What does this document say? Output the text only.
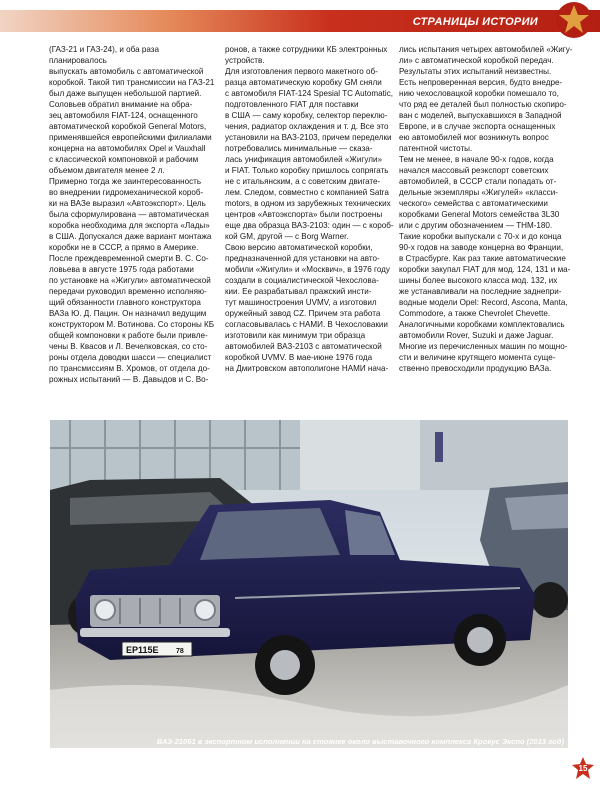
СТРАНИЦЫ ИСТОРИИ
(ГАЗ-21 и ГАЗ-24), и оба раза планировалось
выпускать автомобиль с автоматической
коробкой. Такой тип трансмиссии на ГАЗ-21
был даже выпущен небольшой партией.
Соловьев обратил внимание на обра-
зец автомобиля FIAT-124, оснащенного
автоматической коробкой General Motors,
применявшейся европейскими филиалами
концерна на автомобилях Opel и Vauxhall
с классической компоновкой и рабочим
объемом двигателя менее 2 л.
Примерно тогда же заинтересованность
во внедрении гидромеханической короб-
ки на ВАЗе выразил «Автоэкспорт». Цель
была сформулирована — автоматическая
коробка необходима для экспорта «Лады»
в США. Допускался даже вариант монтажа
коробки не в СССР, а прямо в Америке.
После преждевременной смерти В. С. Со-
ловьева в августе 1975 года работами
по установке на «Жигули» автоматической
передачи руководил временно исполняю-
щий обязанности главного конструктора
ВАЗа Ю. Д. Пацин. Он назначил ведущим
конструктором М. Вотинова. Со стороны КБ
общей компоновки к работе были привле-
чены В. Квасов и Л. Вечелковская, со сто-
роны отдела доводки шасси — специалист
по трансмиссиям В. Хромов, от отдела до-
рожных испытаний — В. Давыдов и С. Во-
ронов, а также сотрудники КБ электронных
устройств.
Для изготовления первого макетного об-
разца автоматическую коробку GM сняли
с автомобиля FIAT-124 Spesial TC Automatic,
подготовленного FIAT для поставки
в США — саму коробку, селектор переклю-
чения, радиатор охлаждения и т. д. Все это
установили на ВАЗ-2103, причем переделки
потребовались минимальные — сказа-
лась унификация автомобилей «Жигули»
и FIAT. Только коробку пришлось сопрягать
не с итальянским, а с советским двигате-
лем. Следом, совместно с компанией Satra
motors, в одном из зарубежных технических
центров «Автоэкспорта» были построены
еще два образца ВАЗ-2103: один — с короб-
кой GM, другой — с Borg Warner.
Свою версию автоматической коробки,
предназначенной для установки на авто-
мобили «Жигули» и «Москвич», в 1976 году
создали в социалистической Чехослова-
кии. Ее разрабатывал пражский инсти-
тут машиностроения UVMV, а изготовил
оружейный завод CZ. Причем эта работа
согласовывалась с НАМИ. В Чехословакии
изготовили как минимум три образца
автомобилей ВАЗ-2103 с автоматической
коробкой UVMV. В мае-июне 1976 года
на Дмитровском автополигоне НАМИ нача-
лись испытания четырех автомобилей «Жигу-
ли» с автоматической коробкой передач.
Результаты этих испытаний неизвестны.
Есть непроверенная версия, будто внедре-
нию чехословацкой коробки помешало то,
что ряд ее деталей был полностью скопиро-
ван с моделей, выпускавшихся в Западной
Европе, и в случае экспорта оснащенных
ею автомобилей мог возникнуть вопрос
патентной чистоты.
Тем не менее, в начале 90-х годов, когда
начался массовый реэкспорт советских
автомобилей, в СССР стали попадать от-
дельные экземпляры «Жигулей» «класси-
ческого» семейства с автоматическими
коробками General Motors семейства 3L30
или с другим обозначением — THM-180.
Такие коробки выпускали с 70-х и до конца
90-х годов на заводе концерна во Франции,
в Страсбурге. Как раз такие автоматические
коробки закупал FIAT для мод. 124, 131 и ма-
шины более высокого класса мод. 132, их
же устанавливали на последние заднепри-
водные модели Opel: Record, Ascona, Manta,
Commodore, а также Chevrolet Chevette.
Аналогичными коробками комплектовались
автомобили Rover, Suzuki и даже Jaguar.
Многие из перечисленных машин по мощно-
сти и величине крутящего момента суще-
ственно превосходили продукцию ВАЗа.
ЕР115Е 78
ВАЗ-21061 в экспортном исполнении на стоянке около выставочного комплекса Крокус Экспо (2013 год)
15
